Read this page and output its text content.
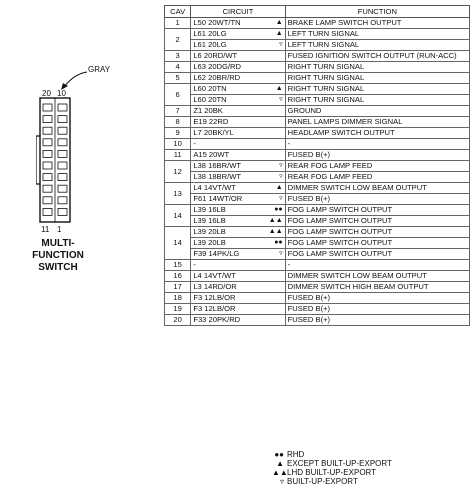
GRAY
20 10
11 1
MULTI-
FUNCTION
SWITCH
CAV	CIRCUIT	FUNCTION
1	L50 20WT/TN ▲	BRAKE LAMP SWITCH OUTPUT
2	L61 20LG ▲	LEFT TURN SIGNAL
	L61 20LG ▿	LEFT TURN SIGNAL
3	L6 20RD/WT	FUSED IGNITION SWITCH OUTPUT (RUN-ACC)
4	L63 20DG/RD	RIGHT TURN SIGNAL
5	L62 20BR/RD	RIGHT TURN SIGNAL
6	L60 20TN ▲	RIGHT TURN SIGNAL
	L60 20TN ▿	RIGHT TURN SIGNAL
7	Z1 20BK	GROUND
8	E19 22RD	PANEL LAMPS DIMMER SIGNAL
9	L7 20BK/YL	HEADLAMP SWITCH OUTPUT
10	-	-
11	A15 20WT	FUSED B(+)
12	L38 16BR/WT ▿	REAR FOG LAMP FEED
	L38 18BR/WT ▿	REAR FOG LAMP FEED
13	L4 14VT/WT ▲	DIMMER SWITCH LOW BEAM OUTPUT
	F61 14WT/OR ▿	FUSED B(+)
14	L39 16LB ●●	FOG LAMP SWITCH OUTPUT
	L39 16LB ▲▲	FOG LAMP SWITCH OUTPUT
14	L39 20LB ▲▲	FOG LAMP SWITCH OUTPUT
	L39 20LB ●●	FOG LAMP SWITCH OUTPUT
	F39 14PK/LG ▿	FOG LAMP SWITCH OUTPUT
15	-	-
16	L4 14VT/WT	DIMMER SWITCH LOW BEAM OUTPUT
17	L3 14RD/OR	DIMMER SWITCH HIGH BEAM OUTPUT
18	F3 12LB/OR	FUSED B(+)
19	F3 12LB/OR	FUSED B(+)
20	F33 20PK/RD	FUSED B(+)
●● RHD
▲ EXCEPT BUILT-UP-EXPORT
▲▲LHD BUILT-UP-EXPORT
▿ BUILT-UP-EXPORT
